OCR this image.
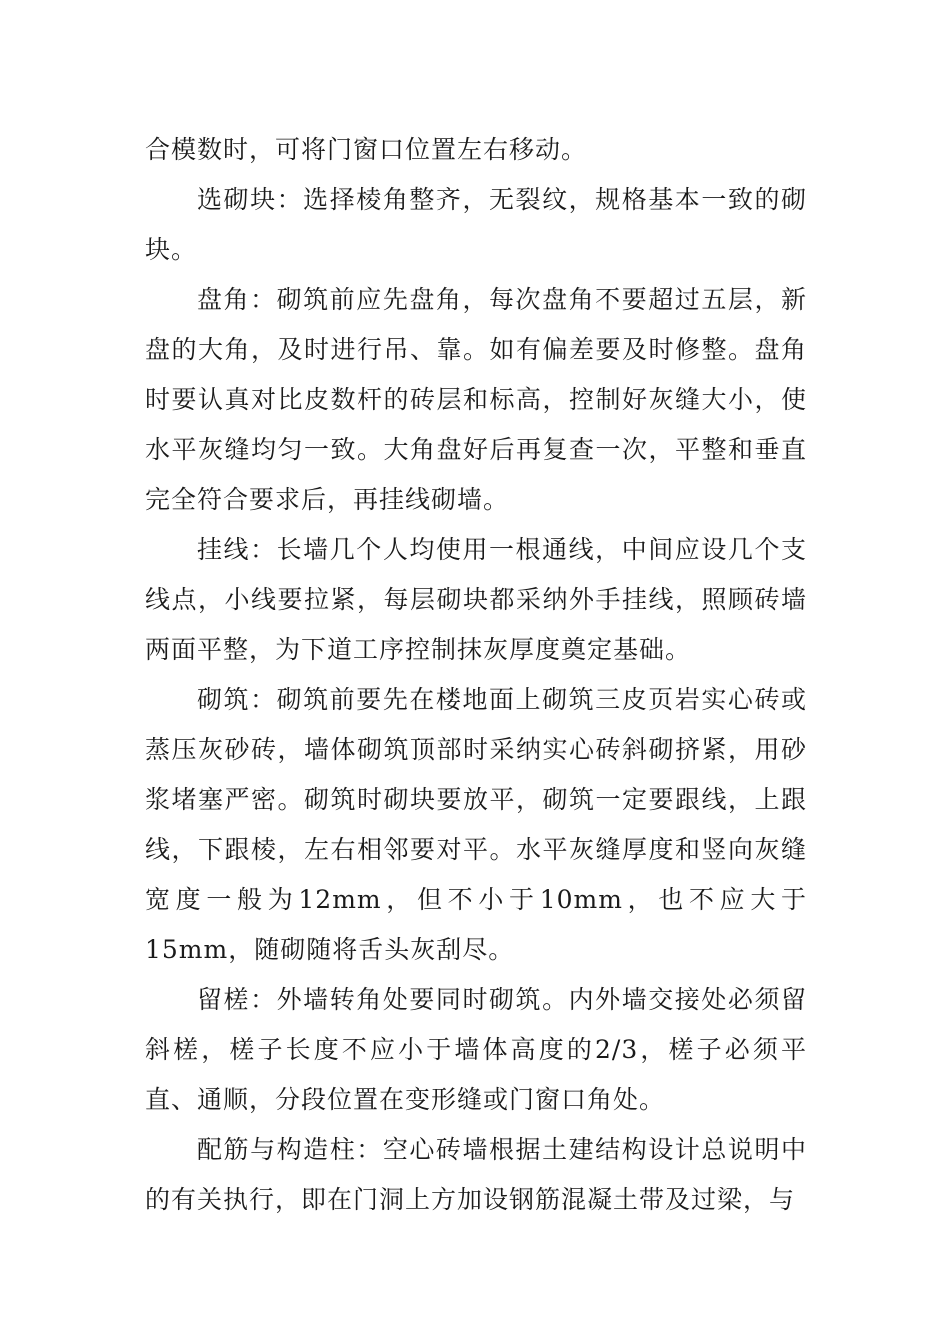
合模数时，可将门窗口位置左右移动。

选砌块：选择棱角整齐，无裂纹，规格基本一致的砌块。

盘角：砌筑前应先盘角，每次盘角不要超过五层，新盘的大角，及时进行吊、靠。如有偏差要及时修整。盘角时要认真对比皮数杆的砖层和标高，控制好灰缝大小，使水平灰缝均匀一致。大角盘好后再复查一次，平整和垂直完全符合要求后，再挂线砌墙。

挂线：长墙几个人均使用一根通线，中间应设几个支线点，小线要拉紧，每层砌块都采纳外手挂线，照顾砖墙两面平整，为下道工序控制抹灰厚度奠定基础。

砌筑：砌筑前要先在楼地面上砌筑三皮页岩实心砖或蒸压灰砂砖，墙体砌筑顶部时采纳实心砖斜砌挤紧，用砂浆堵塞严密。砌筑时砌块要放平，砌筑一定要跟线，上跟线，下跟棱，左右相邻要对平。水平灰缝厚度和竖向灰缝宽度一般为12mm，但不小于10mm，也不应大于15mm，随砌随将舌头灰刮尽。

留槎：外墙转角处要同时砌筑。内外墙交接处必须留斜槎，槎子长度不应小于墙体高度的2/3，槎子必须平直、通顺，分段位置在变形缝或门窗口角处。

配筋与构造柱：空心砖墙根据土建结构设计总说明中的有关执行，即在门洞上方加设钢筋混凝土带及过梁，与
